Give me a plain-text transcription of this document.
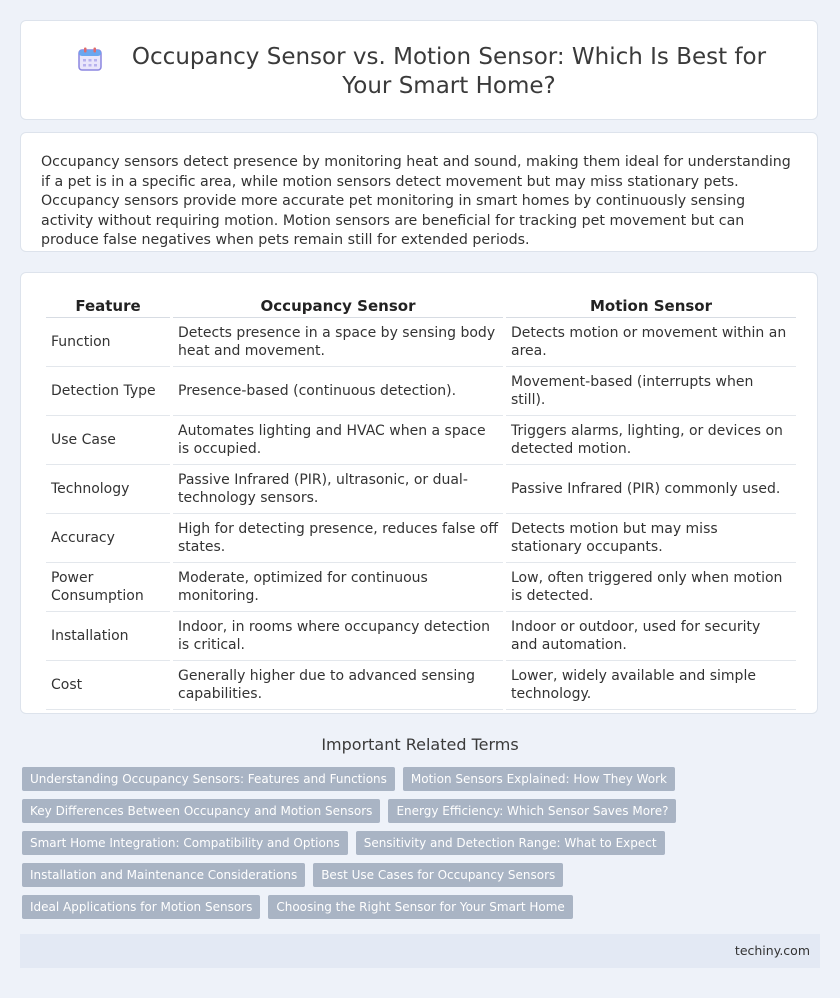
Occupancy Sensor vs. Motion Sensor: Which Is Best for Your Smart Home?

Occupancy sensors detect presence by monitoring heat and sound, making them ideal for understanding if a pet is in a specific area, while motion sensors detect movement but may miss stationary pets. Occupancy sensors provide more accurate pet monitoring in smart homes by continuously sensing activity without requiring motion. Motion sensors are beneficial for tracking pet movement but can produce false negatives when pets remain still for extended periods.

Feature	Occupancy Sensor	Motion Sensor
Function	Detects presence in a space by sensing body heat and movement.	Detects motion or movement within an area.
Detection Type	Presence-based (continuous detection).	Movement-based (interrupts when still).
Use Case	Automates lighting and HVAC when a space is occupied.	Triggers alarms, lighting, or devices on detected motion.
Technology	Passive Infrared (PIR), ultrasonic, or dual-technology sensors.	Passive Infrared (PIR) commonly used.
Accuracy	High for detecting presence, reduces false off states.	Detects motion but may miss stationary occupants.
Power Consumption	Moderate, optimized for continuous monitoring.	Low, often triggered only when motion is detected.
Installation	Indoor, in rooms where occupancy detection is critical.	Indoor or outdoor, used for security and automation.
Cost	Generally higher due to advanced sensing capabilities.	Lower, widely available and simple technology.
Important Related Terms
Understanding Occupancy Sensors: Features and Functions	Motion Sensors Explained: How They Work
Key Differences Between Occupancy and Motion Sensors	Energy Efficiency: Which Sensor Saves More?
Smart Home Integration: Compatibility and Options	Sensitivity and Detection Range: What to Expect
Installation and Maintenance Considerations	Best Use Cases for Occupancy Sensors
Ideal Applications for Motion Sensors	Choosing the Right Sensor for Your Smart Home
techiny.com
